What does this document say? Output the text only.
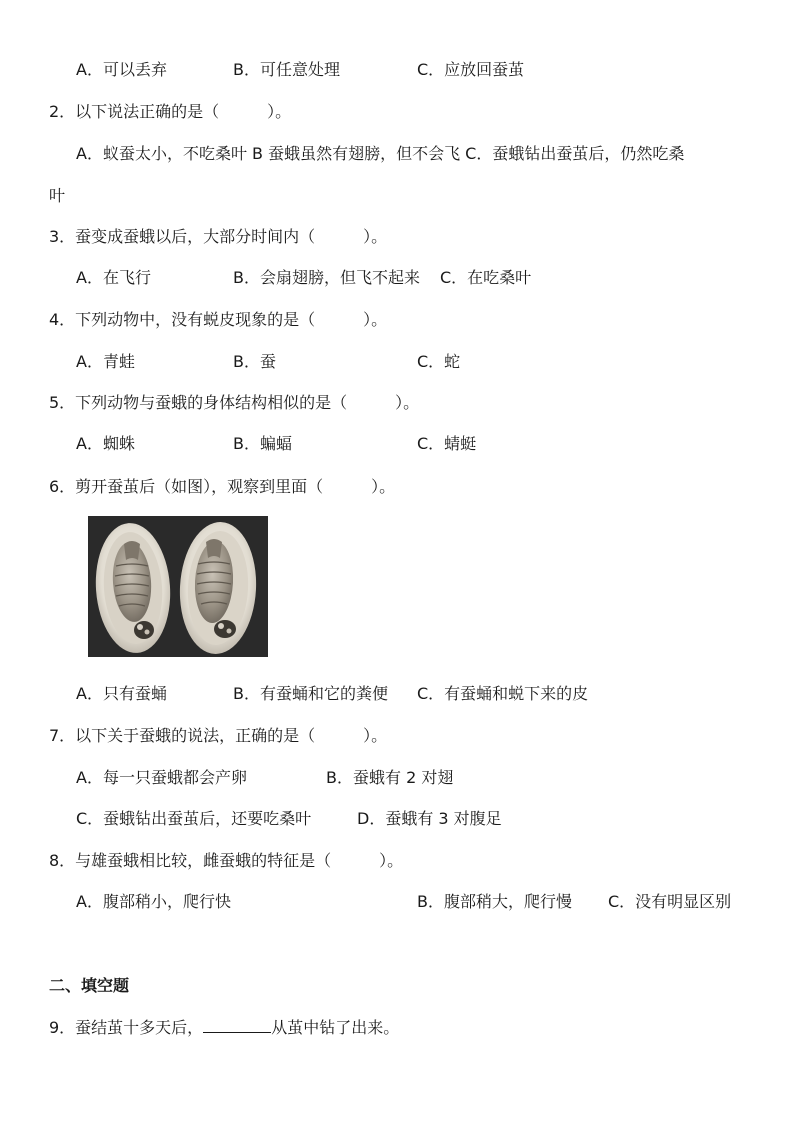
A．可以丢弃	B．可任意处理	C．应放回蚕茧
2．以下说法正确的是（　　　）。
A．蚁蚕太小，不吃桑叶 B 蚕蛾虽然有翅膀，但不会飞 C．蚕蛾钻出蚕茧后，仍然吃桑
叶
3．蚕变成蚕蛾以后，大部分时间内（　　　）。
A．在飞行	B．会扇翅膀，但飞不起来 C．在吃桑叶
4．下列动物中，没有蜕皮现象的是（　　　）。
A．青蛙	B．蚕	C．蛇
5．下列动物与蚕蛾的身体结构相似的是（　　　）。
A．蜘蛛	B．蝙蝠	C．蜻蜓
6．剪开蚕茧后（如图），观察到里面（　　　）。
A．只有蚕蛹	B．有蚕蛹和它的粪便 C．有蚕蛹和蜕下来的皮
7．以下关于蚕蛾的说法，正确的是（　　　）。
A．每一只蚕蛾都会产卵	B．蚕蛾有 2 对翅
C．蚕蛾钻出蚕茧后，还要吃桑叶	D．蚕蛾有 3 对腹足
8．与雄蚕蛾相比较，雌蚕蛾的特征是（　　　）。
A．腹部稍小，爬行快	B．腹部稍大，爬行慢 C．没有明显区别
二、填空题
9．蚕结茧十多天后，	从茧中钻了出来。
